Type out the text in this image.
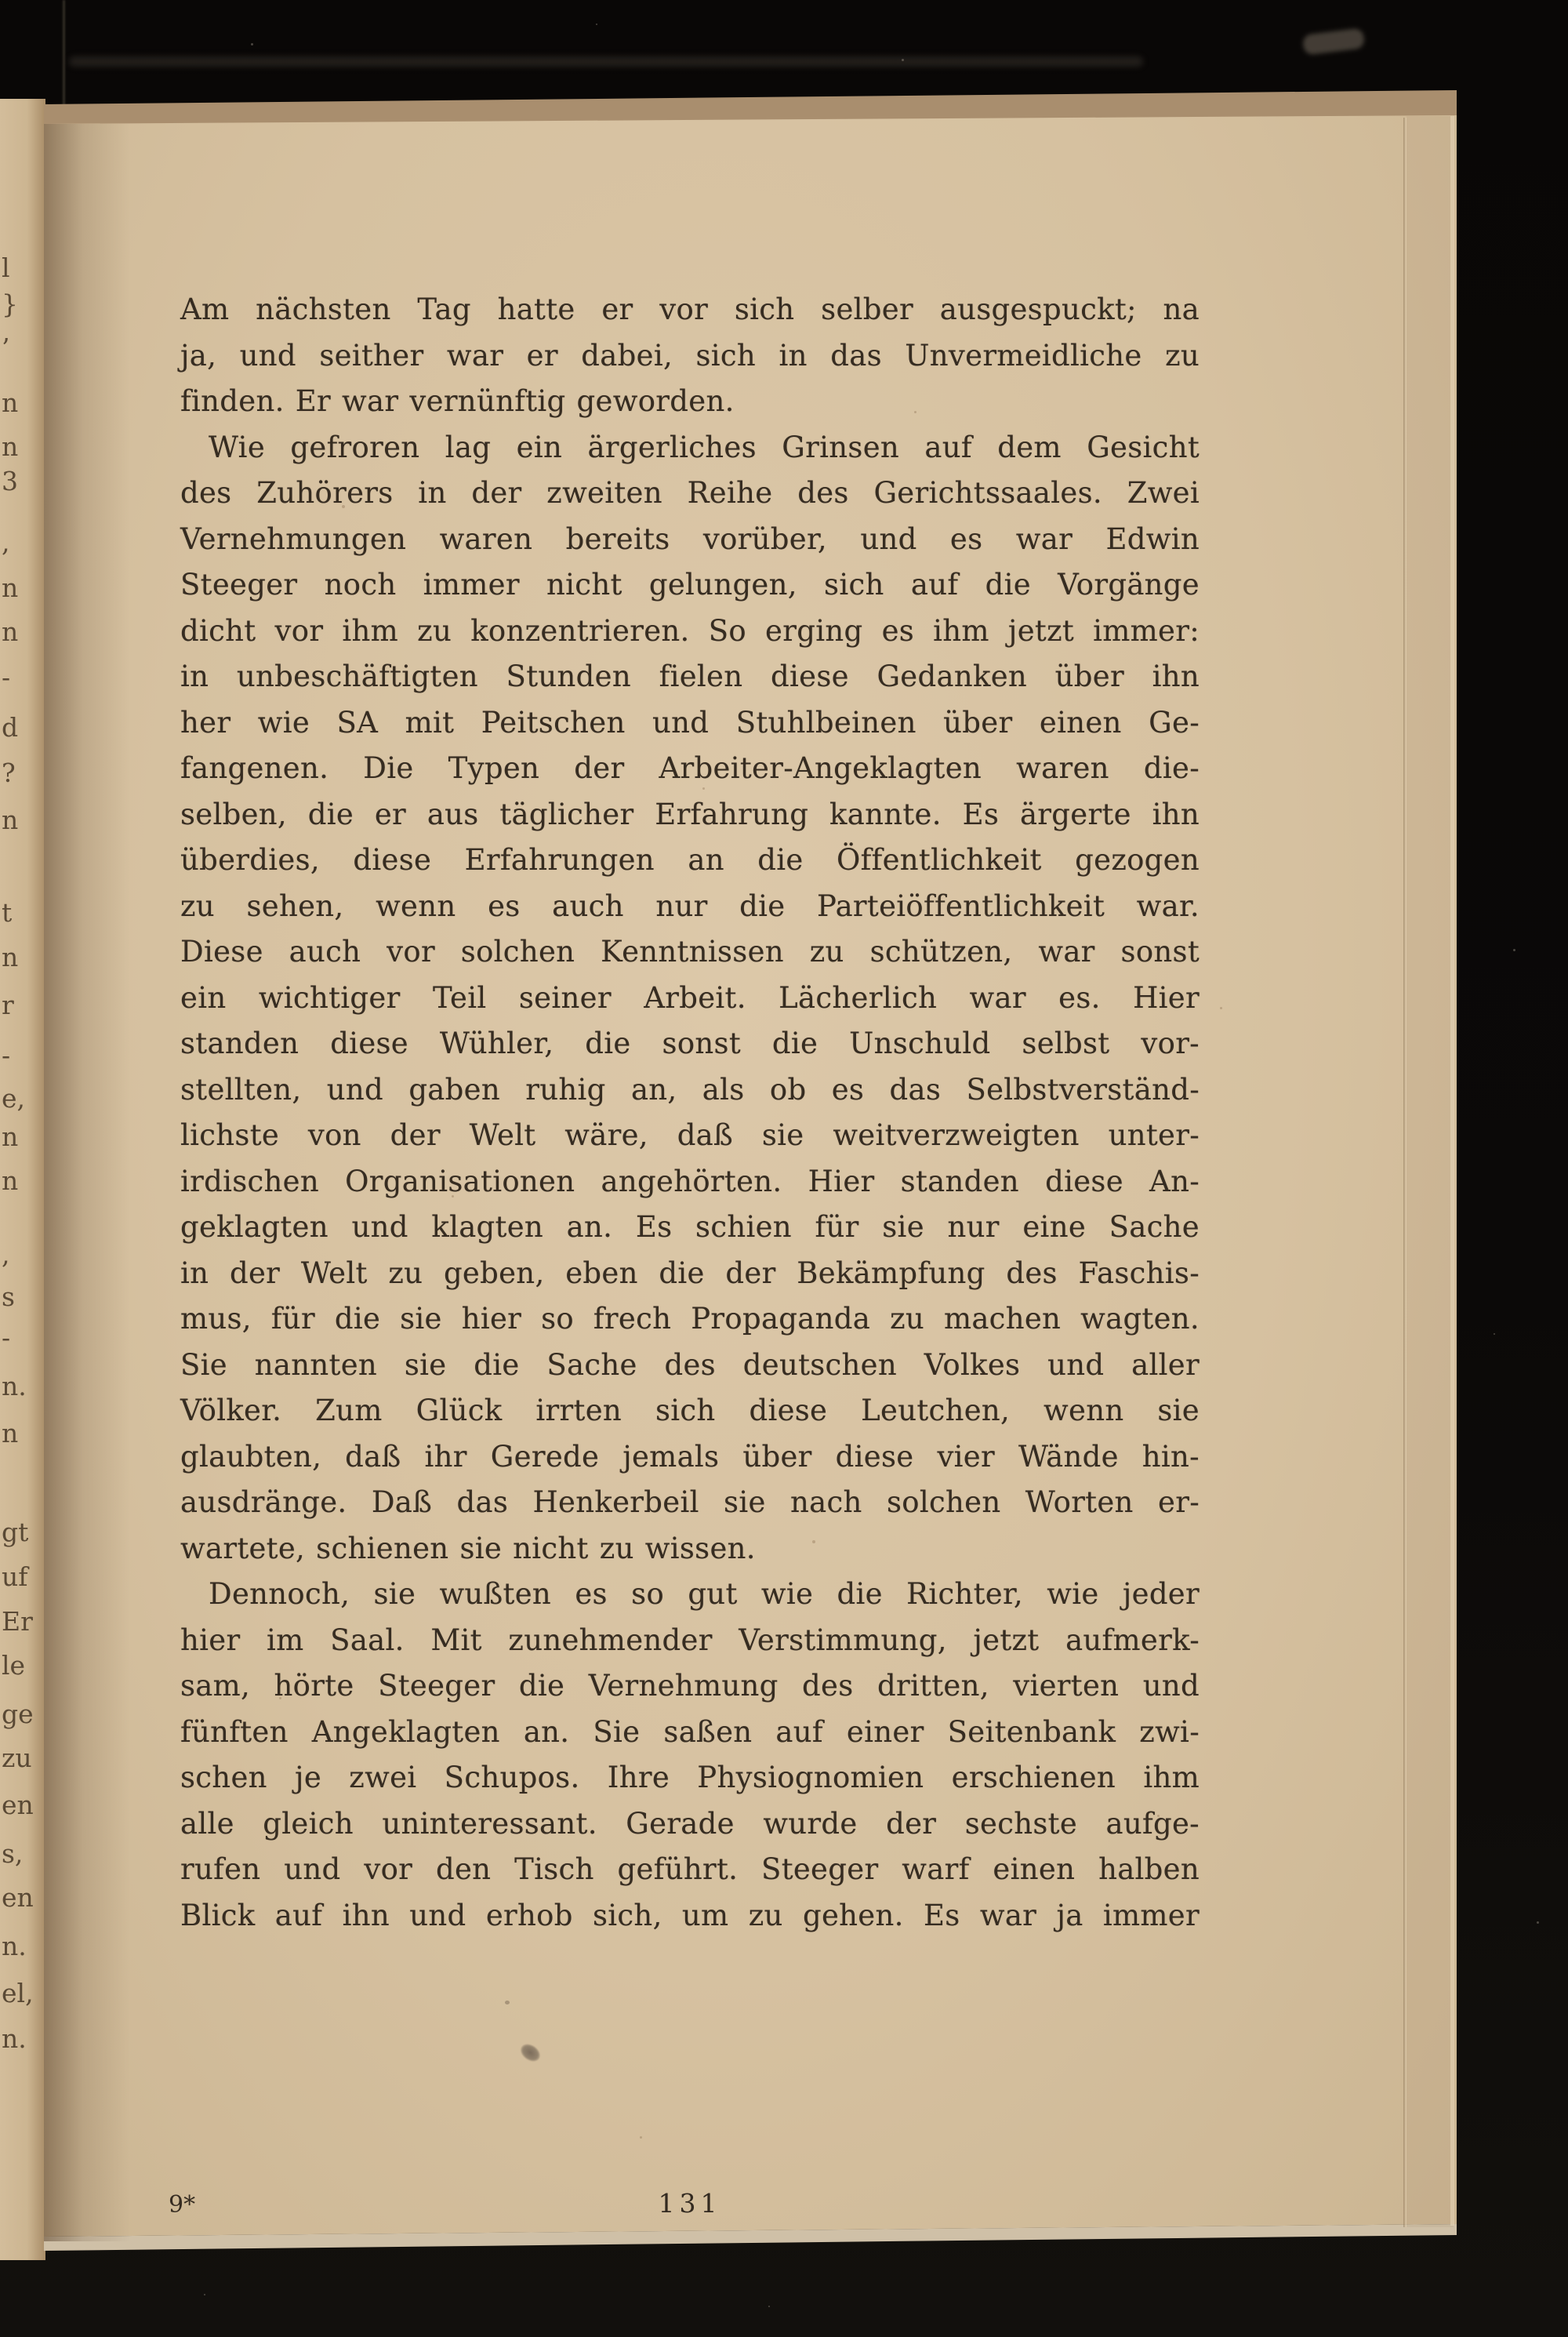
l
}
’
n
n
3
,
n
n
-
d
?
n
t
n
r
-
e,
n
n
,
s
-
n.
n
gt
uf
Er
le
ge
zu
en
s,
en
n.
el,
n.
Am nächsten Tag hatte er vor sich selber ausgespuckt; na
ja, und seither war er dabei, sich in das Unvermeidliche zu
finden. Er war vernünftig geworden.
Wie gefroren lag ein ärgerliches Grinsen auf dem Gesicht
des Zuhörers in der zweiten Reihe des Gerichtssaales. Zwei
Vernehmungen waren bereits vorüber, und es war Edwin
Steeger noch immer nicht gelungen, sich auf die Vorgänge
dicht vor ihm zu konzentrieren. So erging es ihm jetzt immer:
in unbeschäftigten Stunden fielen diese Gedanken über ihn
her wie SA mit Peitschen und Stuhlbeinen über einen Ge-
fangenen. Die Typen der Arbeiter-Angeklagten waren die-
selben, die er aus täglicher Erfahrung kannte. Es ärgerte ihn
überdies, diese Erfahrungen an die Öffentlichkeit gezogen
zu sehen, wenn es auch nur die Parteiöffentlichkeit war.
Diese auch vor solchen Kenntnissen zu schützen, war sonst
ein wichtiger Teil seiner Arbeit. Lächerlich war es. Hier
standen diese Wühler, die sonst die Unschuld selbst vor-
stellten, und gaben ruhig an, als ob es das Selbstverständ-
lichste von der Welt wäre, daß sie weitverzweigten unter-
irdischen Organisationen angehörten. Hier standen diese An-
geklagten und klagten an. Es schien für sie nur eine Sache
in der Welt zu geben, eben die der Bekämpfung des Faschis-
mus, für die sie hier so frech Propaganda zu machen wagten.
Sie nannten sie die Sache des deutschen Volkes und aller
Völker. Zum Glück irrten sich diese Leutchen, wenn sie
glaubten, daß ihr Gerede jemals über diese vier Wände hin-
ausdränge. Daß das Henkerbeil sie nach solchen Worten er-
wartete, schienen sie nicht zu wissen.
Dennoch, sie wußten es so gut wie die Richter, wie jeder
hier im Saal. Mit zunehmender Verstimmung, jetzt aufmerk-
sam, hörte Steeger die Vernehmung des dritten, vierten und
fünften Angeklagten an. Sie saßen auf einer Seitenbank zwi-
schen je zwei Schupos. Ihre Physiognomien erschienen ihm
alle gleich uninteressant. Gerade wurde der sechste aufge-
rufen und vor den Tisch geführt. Steeger warf einen halben
Blick auf ihn und erhob sich, um zu gehen. Es war ja immer
9*	131
